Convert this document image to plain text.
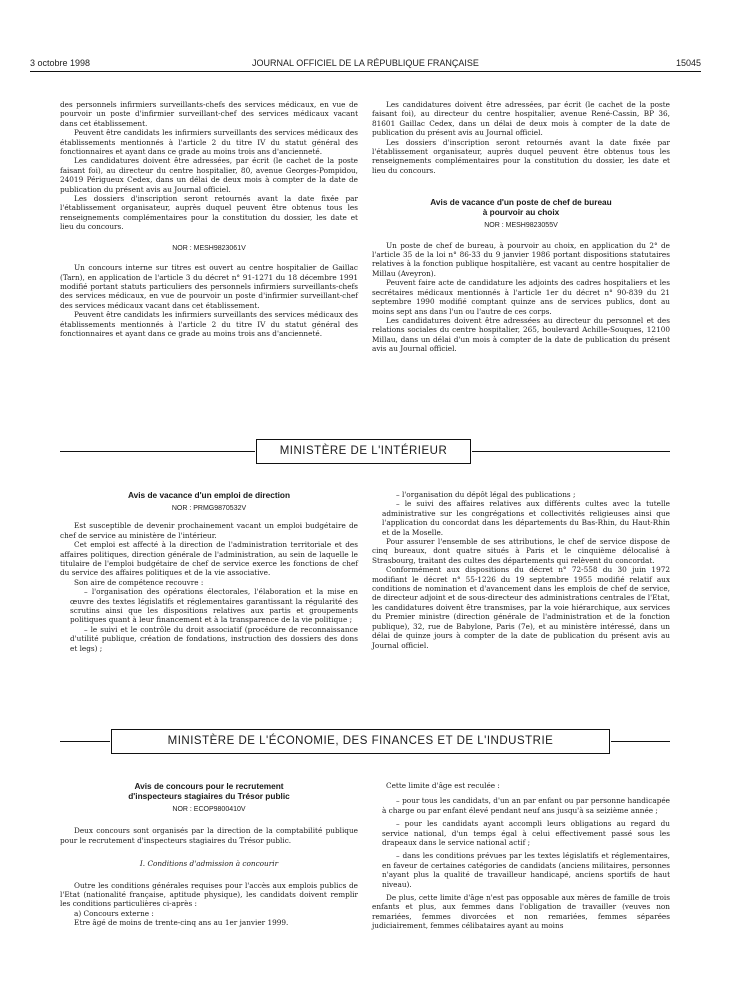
3 octobre 1998	JOURNAL OFFICIEL DE LA RÉPUBLIQUE FRANÇAISE	15045

des personnels infirmiers surveillants-chefs des services médicaux, en vue de pourvoir un poste d'infirmier surveillant-chef des services médicaux vacant dans cet établissement.

Peuvent être candidats les infirmiers surveillants des services médicaux des établissements mentionnés à l'article 2 du titre IV du statut général des fonctionnaires et ayant dans ce grade au moins trois ans d'ancienneté.

Les candidatures doivent être adressées, par écrit (le cachet de la poste faisant foi), au directeur du centre hospitalier, 80, avenue Georges-Pompidou, 24019 Périgueux Cedex, dans un délai de deux mois à compter de la date de publication du présent avis au Journal officiel.

Les dossiers d'inscription seront retournés avant la date fixée par l'établissement organisateur, auprès duquel peuvent être obtenus tous les renseignements complémentaires pour la constitution du dossier, les date et lieu du concours.

NOR : MESH9823061V

Un concours interne sur titres est ouvert au centre hospitalier de Gaillac (Tarn), en application de l'article 3 du décret n° 91-1271 du 18 décembre 1991 modifié portant statuts particuliers des personnels infirmiers surveillants-chefs des services médicaux, en vue de pourvoir un poste d'infirmier surveillant-chef des services médicaux vacant dans cet établissement.

Peuvent être candidats les infirmiers surveillants des services médicaux des établissements mentionnés à l'article 2 du titre IV du statut général des fonctionnaires et ayant dans ce grade au moins trois ans d'ancienneté.

Les candidatures doivent être adressées, par écrit (le cachet de la poste faisant foi), au directeur du centre hospitalier, avenue René-Cassin, BP 36, 81601 Gaillac Cedex, dans un délai de deux mois à compter de la date de publication du présent avis au Journal officiel.

Les dossiers d'inscription seront retournés avant la date fixée par l'établissement organisateur, auprès duquel peuvent être obtenus tous les renseignements complémentaires pour la constitution du dossier, les date et lieu du concours.

Avis de vacance d'un poste de chef de bureau
à pourvoir au choix
NOR : MESH9823055V

Un poste de chef de bureau, à pourvoir au choix, en application du 2° de l'article 35 de la loi n° 86-33 du 9 janvier 1986 portant dispositions statutaires relatives à la fonction publique hospitalière, est vacant au centre hospitalier de Millau (Aveyron).

Peuvent faire acte de candidature les adjoints des cadres hospitaliers et les secrétaires médicaux mentionnés à l'article 1er du décret n° 90-839 du 21 septembre 1990 modifié comptant quinze ans de services publics, dont au moins sept ans dans l'un ou l'autre de ces corps.

Les candidatures doivent être adressées au directeur du personnel et des relations sociales du centre hospitalier, 265, boulevard Achille-Souques, 12100 Millau, dans un délai d'un mois à compter de la date de publication du présent avis au Journal officiel.

MINISTÈRE DE L'INTÉRIEUR
Avis de vacance d'un emploi de direction
NOR : PRMG9870532V

Est susceptible de devenir prochainement vacant un emploi budgétaire de chef de service au ministère de l'intérieur.

Cet emploi est affecté à la direction de l'administration territoriale et des affaires politiques, direction générale de l'administration, au sein de laquelle le titulaire de l'emploi budgétaire de chef de service exerce les fonctions de chef du service des affaires politiques et de la vie associative.

Son aire de compétence recouvre :

– l'organisation des opérations électorales, l'élaboration et la mise en œuvre des textes législatifs et réglementaires garantissant la régularité des scrutins ainsi que les dispositions relatives aux partis et groupements politiques quant à leur financement et à la transparence de la vie politique ;

– le suivi et le contrôle du droit associatif (procédure de reconnaissance d'utilité publique, création de fondations, instruction des dossiers des dons et legs) ;

– l'organisation du dépôt légal des publications ;

– le suivi des affaires relatives aux différents cultes avec la tutelle administrative sur les congrégations et collectivités religieuses ainsi que l'application du concordat dans les départements du Bas-Rhin, du Haut-Rhin et de la Moselle.

Pour assurer l'ensemble de ses attributions, le chef de service dispose de cinq bureaux, dont quatre situés à Paris et le cinquième délocalisé à Strasbourg, traitant des cultes des départements qui relèvent du concordat.

Conformément aux dispositions du décret n° 72-558 du 30 juin 1972 modifiant le décret n° 55-1226 du 19 septembre 1955 modifié relatif aux conditions de nomination et d'avancement dans les emplois de chef de service, de directeur adjoint et de sous-directeur des administrations centrales de l'Etat, les candidatures doivent être transmises, par la voie hiérarchique, aux services du Premier ministre (direction générale de l'administration et de la fonction publique), 32, rue de Babylone, Paris (7e), et au ministère intéressé, dans un délai de quinze jours à compter de la date de publication du présent avis au Journal officiel.

MINISTÈRE DE L'ÉCONOMIE, DES FINANCES ET DE L'INDUSTRIE
Avis de concours pour le recrutement
d'inspecteurs stagiaires du Trésor public
NOR : ECOP9800410V

Deux concours sont organisés par la direction de la comptabilité publique pour le recrutement d'inspecteurs stagiaires du Trésor public.

I. Conditions d'admission à concourir

Outre les conditions générales requises pour l'accès aux emplois publics de l'Etat (nationalité française, aptitude physique), les candidats doivent remplir les conditions particulières ci-après :

a) Concours externe :

Etre âgé de moins de trente-cinq ans au 1er janvier 1999.

Cette limite d'âge est reculée :

– pour tous les candidats, d'un an par enfant ou par personne handicapée à charge ou par enfant élevé pendant neuf ans jusqu'à sa seizième année ;

– pour les candidats ayant accompli leurs obligations au regard du service national, d'un temps égal à celui effectivement passé sous les drapeaux dans le service national actif ;

– dans les conditions prévues par les textes législatifs et réglementaires, en faveur de certaines catégories de candidats (anciens militaires, personnes n'ayant plus la qualité de travailleur handicapé, anciens sportifs de haut niveau).

De plus, cette limite d'âge n'est pas opposable aux mères de famille de trois enfants et plus, aux femmes dans l'obligation de travailler (veuves non remariées, femmes divorcées et non remariées, femmes séparées judiciairement, femmes célibataires ayant au moins
